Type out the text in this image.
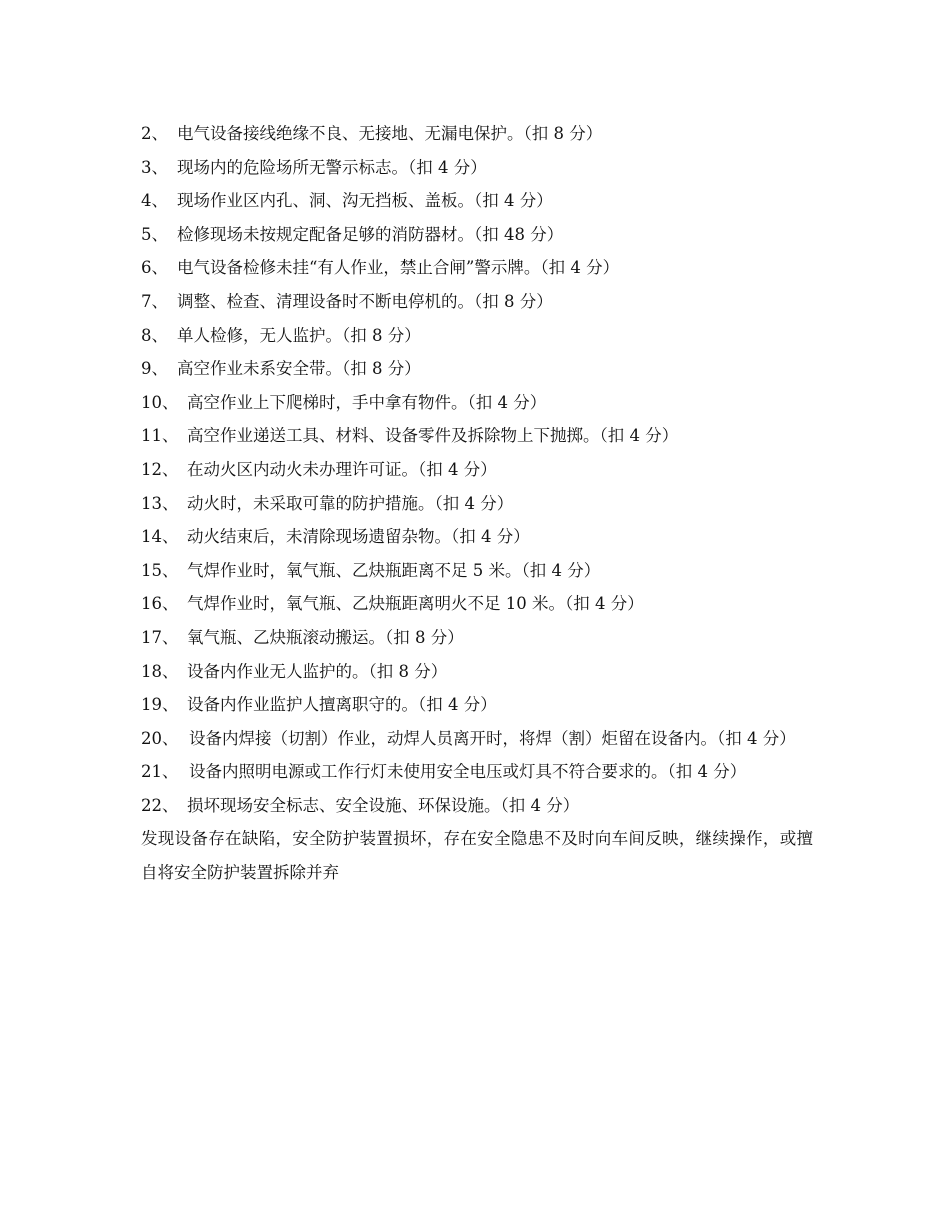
2、 电气设备接线绝缘不良、无接地、无漏电保护。（扣 8 分）
3、 现场内的危险场所无警示标志。（扣 4 分）
4、 现场作业区内孔、洞、沟无挡板、盖板。（扣 4 分）
5、 检修现场未按规定配备足够的消防器材。（扣 48 分）
6、 电气设备检修未挂“有人作业，禁止合闸”警示牌。（扣 4 分）
7、 调整、检查、清理设备时不断电停机的。（扣 8 分）
8、 单人检修，无人监护。（扣 8 分）
9、 高空作业未系安全带。（扣 8 分）
10、 高空作业上下爬梯时，手中拿有物件。（扣 4 分）
11、 高空作业递送工具、材料、设备零件及拆除物上下抛掷。（扣 4 分）
12、 在动火区内动火未办理许可证。（扣 4 分）
13、 动火时，未采取可靠的防护措施。（扣 4 分）
14、 动火结束后，未清除现场遗留杂物。（扣 4 分）
15、 气焊作业时，氧气瓶、乙炔瓶距离不足 5 米。（扣 4 分）
16、 气焊作业时，氧气瓶、乙炔瓶距离明火不足 10 米。（扣 4 分）
17、 氧气瓶、乙炔瓶滚动搬运。（扣 8 分）
18、 设备内作业无人监护的。（扣 8 分）
19、 设备内作业监护人擅离职守的。（扣 4 分）
20、 设备内焊接（切割）作业，动焊人员离开时，将焊（割）炬留在设备内。（扣 4 分）
21、 设备内照明电源或工作行灯未使用安全电压或灯具不符合要求的。（扣 4 分）
22、 损坏现场安全标志、安全设施、环保设施。（扣 4 分）

发现设备存在缺陷，安全防护装置损坏，存在安全隐患不及时向车间反映，继续操作，或擅自将安全防护装置拆除并弃
